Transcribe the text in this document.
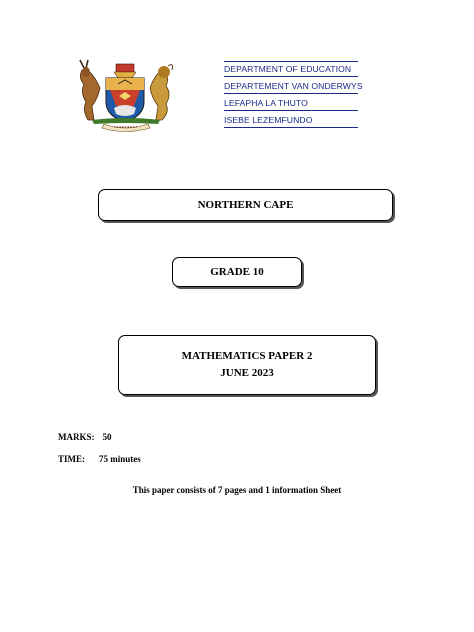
DEPARTMENT OF EDUCATION
DEPARTEMENT VAN ONDERWYS
LEFAPHA LA THUTO
ISEBE LEZEMFUNDO
NORTHERN CAPE
GRADE 10
MATHEMATICS PAPER 2
JUNE 2023
MARKS: 50
TIME: 75 minutes
This paper consists of 7 pages and 1 information Sheet
